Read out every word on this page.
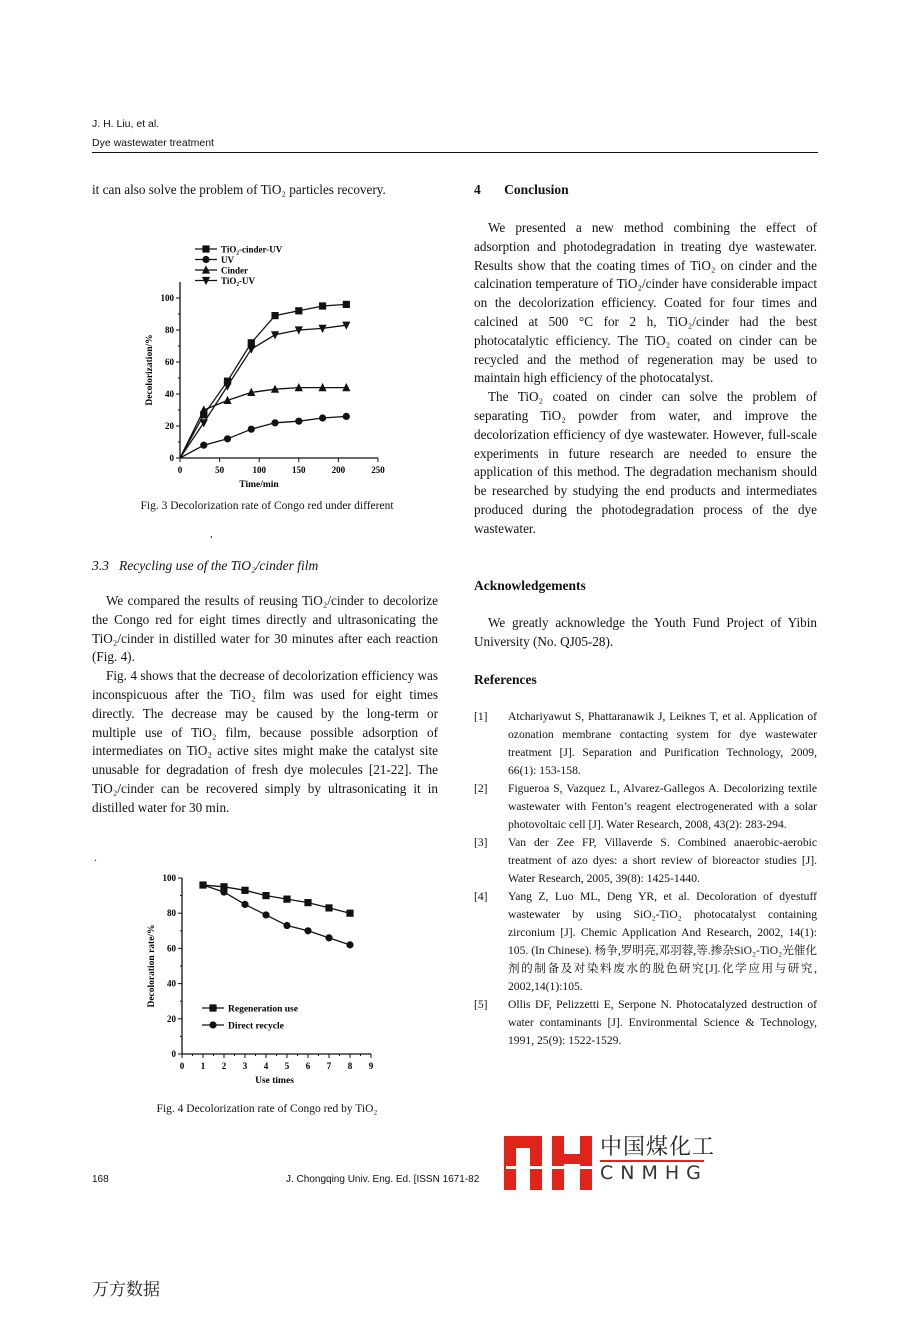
J. H. Liu, et al.
Dye wastewater treatment
it can also solve the problem of TiO₂ particles recovery.
0	50	100	150	200	250
0
20
40
60
80
100
Time/min
Decolorization/%
TiO₂-cinder-UV
UV
Cinder
TiO₂-UV
Fig. 3 Decolorization rate of Congo red under different
,
3.3 Recycling use of the TiO₂/cinder film

We compared the results of reusing TiO₂/cinder to decolorize the Congo red for eight times directly and ultrasonicating the TiO₂/cinder in distilled water for 30 minutes after each reaction (Fig. 4).

Fig. 4 shows that the decrease of decolorization efficiency was inconspicuous after the TiO₂ film was used for eight times directly. The decrease may be caused by the long-term or multiple use of TiO₂ film, because possible adsorption of intermediates on TiO₂ active sites might make the catalyst site unusable for degradation of fresh dye molecules [21-22]. The TiO₂/cinder can be recovered simply by ultrasonicating it in distilled water for 30 min.

.
0 1 2 3 4 5 6 7 8 9
0
20
40
60
80
100
Use times
Decoloration rate/%
Regeneration use
Direct recycle
Fig. 4 Decolorization rate of Congo red by TiO₂
4 Conclusion

We presented a new method combining the effect of adsorption and photodegradation in treating dye wastewater. Results show that the coating times of TiO₂ on cinder and the calcination temperature of TiO₂/cinder have considerable impact on the decolorization efficiency. Coated for four times and calcined at 500 °C for 2 h, TiO₂/cinder had the best photocatalytic efficiency. The TiO₂ coated on cinder can be recycled and the method of regeneration may be used to maintain high efficiency of the photocatalyst.

The TiO₂ coated on cinder can solve the problem of separating TiO₂ powder from water, and improve the decolorization efficiency of dye wastewater. However, full-scale experiments in future research are needed to ensure the application of this method. The degradation mechanism should be researched by studying the end products and intermediates produced during the photodegradation process of the dye wastewater.

Acknowledgements

We greatly acknowledge the Youth Fund Project of Yibin University (No. QJ05-28).

References
[1]	Atchariyawut S, Phattaranawik J, Leiknes T, et al. Application of ozonation membrane contacting system for dye wastewater treatment [J]. Separation and Purification Technology, 2009, 66(1): 153-158.
[2]	Figueroa S, Vazquez L, Alvarez-Gallegos A. Decolorizing textile wastewater with Fenton’s reagent electrogenerated with a solar photovoltaic cell [J]. Water Research, 2008, 43(2): 283-294.
[3]	Van der Zee FP, Villaverde S. Combined anaerobic-aerobic treatment of azo dyes: a short review of bioreactor studies [J]. Water Research, 2005, 39(8): 1425-1440.
[4]	Yang Z, Luo ML, Deng YR, et al. Decoloration of dyestuff wastewater by using SiO₂-TiO₂ photocatalyst containing zirconium [J]. Chemic Application And Research, 2002, 14(1): 105. (In Chinese). 杨争,罗明亮,邓羽蓉,等.掺杂SiO₂-TiO₂光催化剂的制备及对染料废水的脱色研究[J].化学应用与研究, 2002,14(1):105.
[5]	Ollis DF, Pelizzetti E, Serpone N. Photocatalyzed destruction of water contaminants [J]. Environmental Science & Technology, 1991, 25(9): 1522-1529.
168	J. Chongqing Univ. Eng. Ed. [ISSN 1671-82
中国煤化工
CNMHG
万方数据
